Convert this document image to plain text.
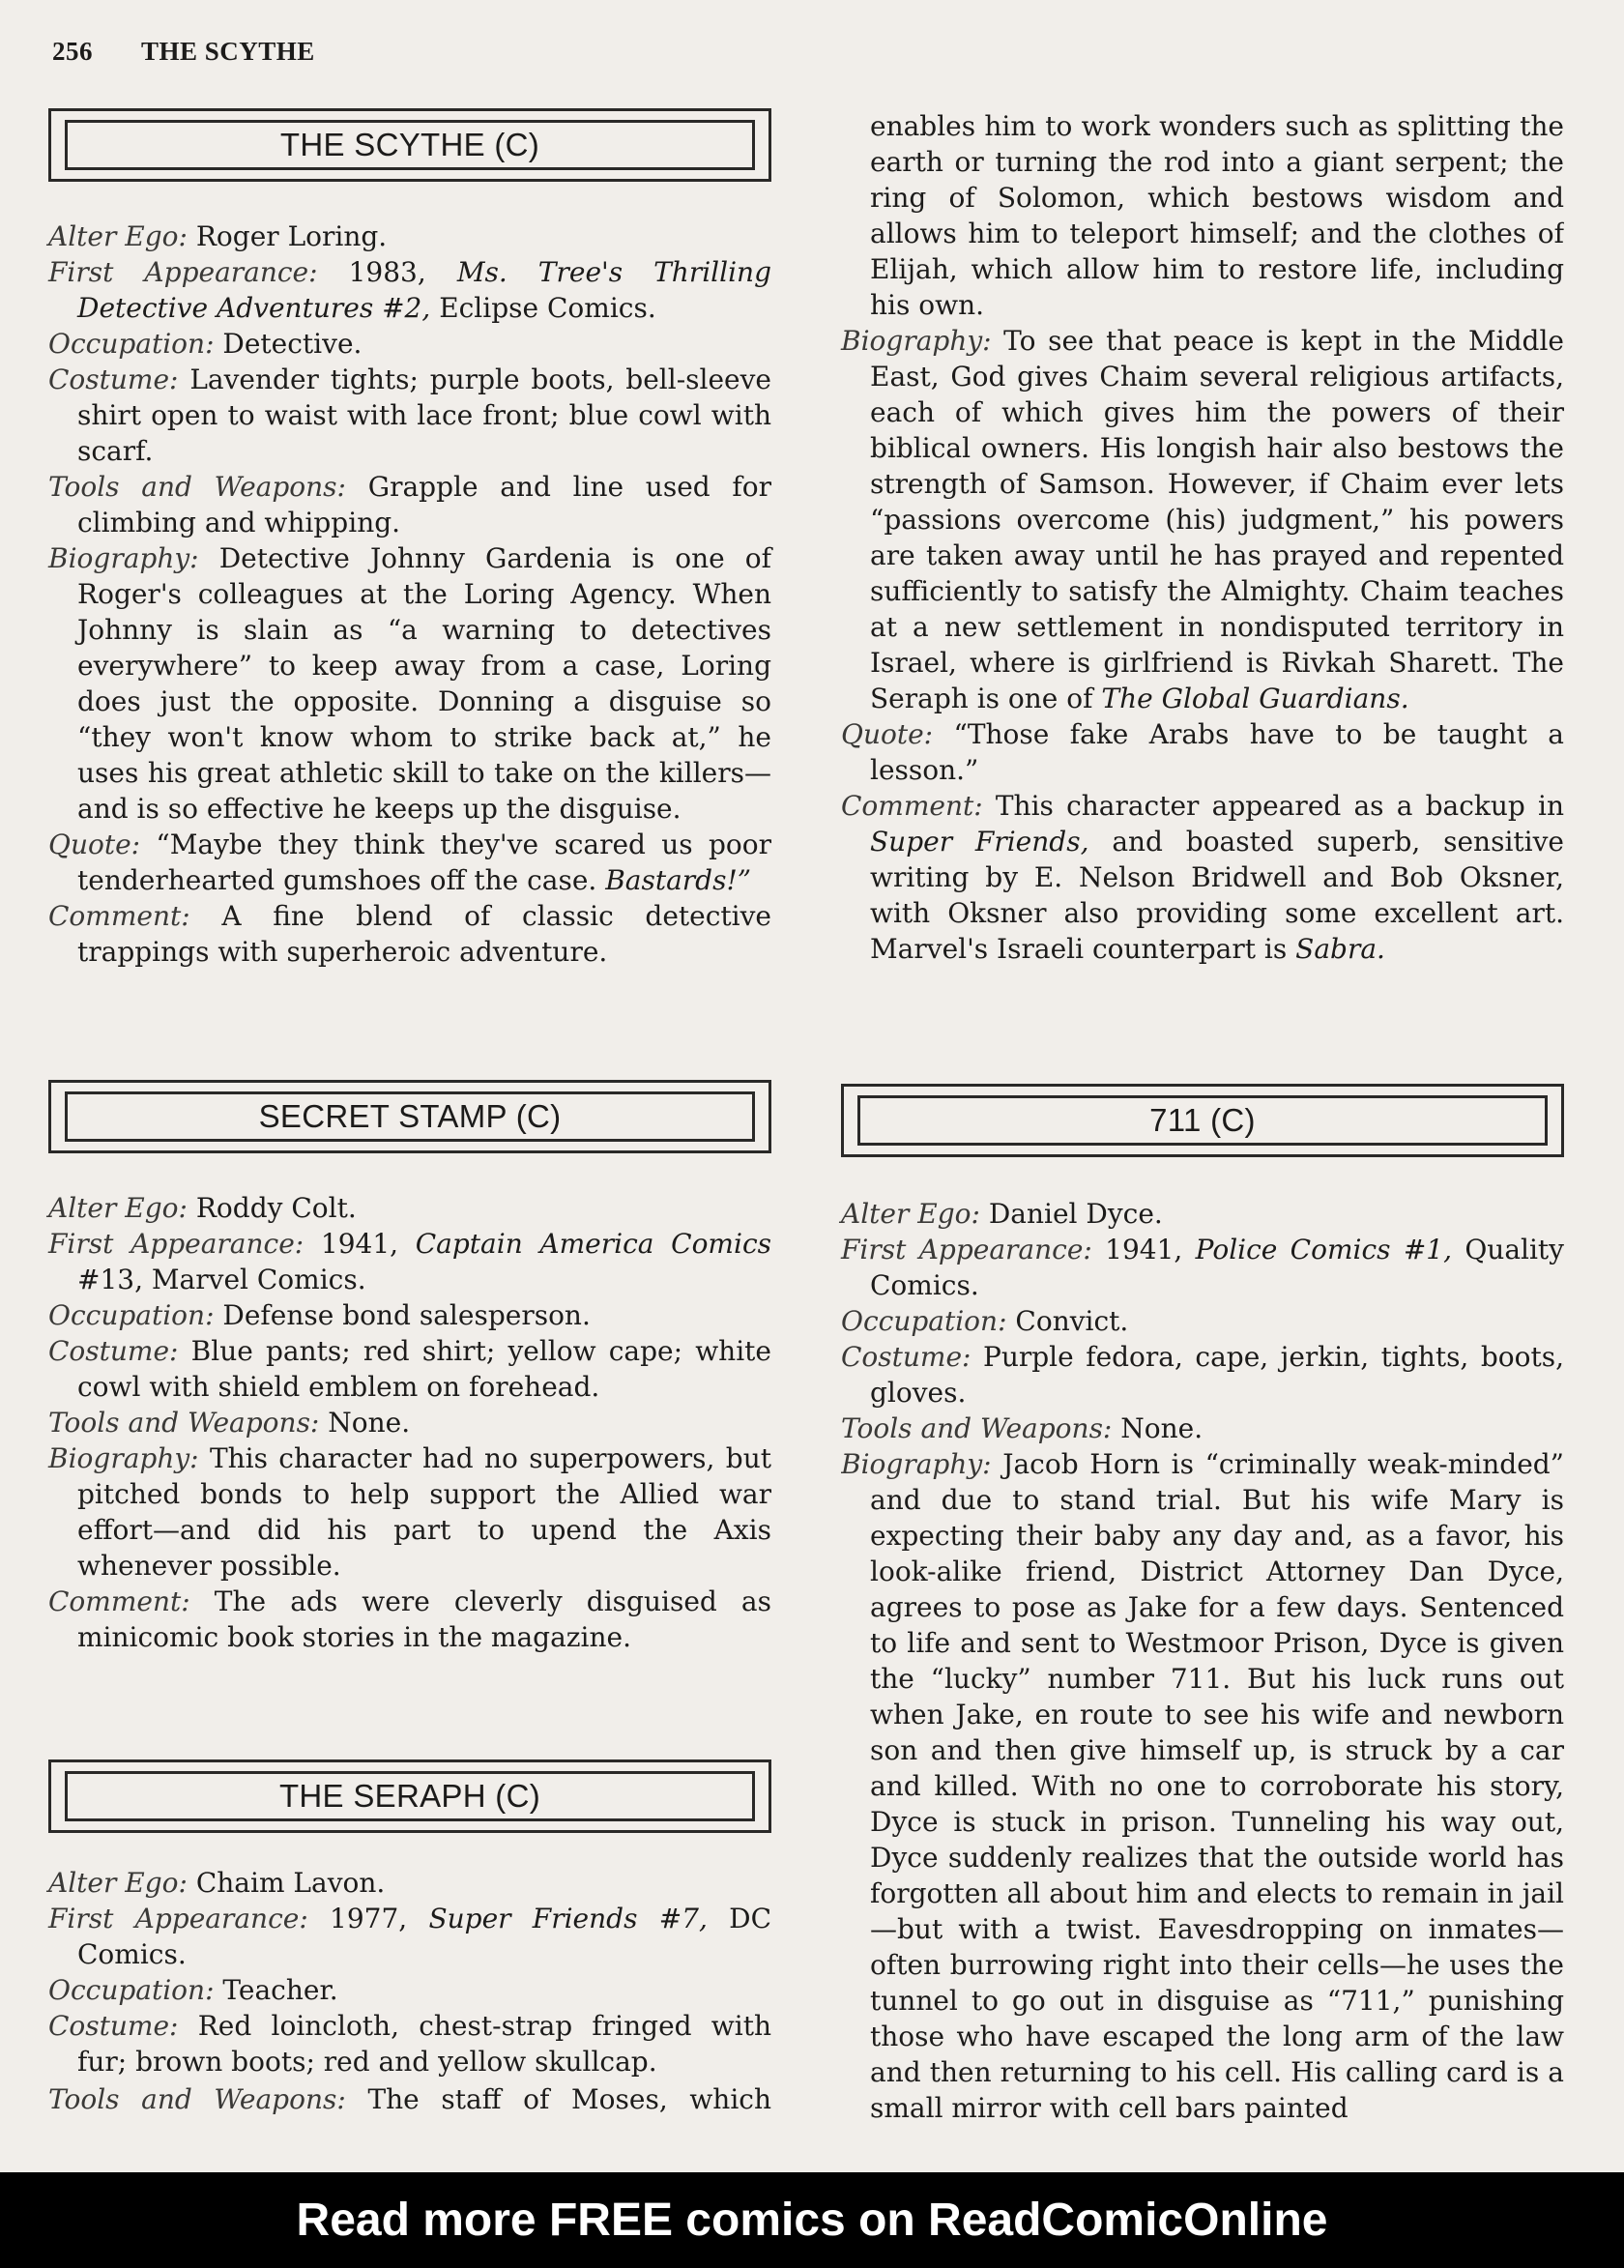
256 THE SCYTHE
THE SCYTHE (C)

Alter Ego: Roger Loring.

First Appearance: 1983, Ms. Tree's Thrilling Detective Adventures #2, Eclipse Comics.

Occupation: Detective.

Costume: Lavender tights; purple boots, bell-sleeve shirt open to waist with lace front; blue cowl with scarf.

Tools and Weapons: Grapple and line used for climbing and whipping.

Biography: Detective Johnny Gardenia is one of Roger's colleagues at the Loring Agency. When Johnny is slain as “a warning to detectives everywhere” to keep away from a case, Loring does just the opposite. Donning a disguise so “they won't know whom to strike back at,” he uses his great athletic skill to take on the killers—and is so effective he keeps up the disguise.

Quote: “Maybe they think they've scared us poor tenderhearted gumshoes off the case. Bastards!”

Comment: A fine blend of classic detective trappings with superheroic adventure.

SECRET STAMP (C)

Alter Ego: Roddy Colt.

First Appearance: 1941, Captain America Comics #13, Marvel Comics.

Occupation: Defense bond salesperson.

Costume: Blue pants; red shirt; yellow cape; white cowl with shield emblem on forehead.

Tools and Weapons: None.

Biography: This character had no superpowers, but pitched bonds to help support the Allied war effort—and did his part to upend the Axis whenever possible.

Comment: The ads were cleverly disguised as minicomic book stories in the magazine.

THE SERAPH (C)

Alter Ego: Chaim Lavon.

First Appearance: 1977, Super Friends #7, DC Comics.

Occupation: Teacher.

Costume: Red loincloth, chest-strap fringed with fur; brown boots; red and yellow skullcap.

Tools and Weapons: The staff of Moses, which

enables him to work wonders such as splitting the earth or turning the rod into a giant serpent; the ring of Solomon, which bestows wisdom and allows him to teleport himself; and the clothes of Elijah, which allow him to restore life, including his own.

Biography: To see that peace is kept in the Middle East, God gives Chaim several religious artifacts, each of which gives him the powers of their biblical owners. His longish hair also bestows the strength of Samson. However, if Chaim ever lets “passions overcome (his) judgment,” his powers are taken away until he has prayed and repented sufficiently to satisfy the Almighty. Chaim teaches at a new settlement in nondisputed territory in Israel, where is girlfriend is Rivkah Sharett. The Seraph is one of The Global Guardians.

Quote: “Those fake Arabs have to be taught a lesson.”

Comment: This character appeared as a backup in Super Friends, and boasted superb, sensitive writing by E. Nelson Bridwell and Bob Oksner, with Oksner also providing some excellent art. Marvel's Israeli counterpart is Sabra.

711 (C)

Alter Ego: Daniel Dyce.

First Appearance: 1941, Police Comics #1, Quality Comics.

Occupation: Convict.

Costume: Purple fedora, cape, jerkin, tights, boots, gloves.

Tools and Weapons: None.

Biography: Jacob Horn is “criminally weak-minded” and due to stand trial. But his wife Mary is expecting their baby any day and, as a favor, his look-alike friend, District Attorney Dan Dyce, agrees to pose as Jake for a few days. Sentenced to life and sent to Westmoor Prison, Dyce is given the “lucky” number 711. But his luck runs out when Jake, en route to see his wife and newborn son and then give himself up, is struck by a car and killed. With no one to corroborate his story, Dyce is stuck in prison. Tunneling his way out, Dyce suddenly realizes that the outside world has forgotten all about him and elects to remain in jail—but with a twist. Eavesdropping on inmates—often burrowing right into their cells—he uses the tunnel to go out in disguise as “711,” punishing those who have escaped the long arm of the law and then returning to his cell. His calling card is a small mirror with cell bars painted

Read more FREE comics on ReadComicOnline
